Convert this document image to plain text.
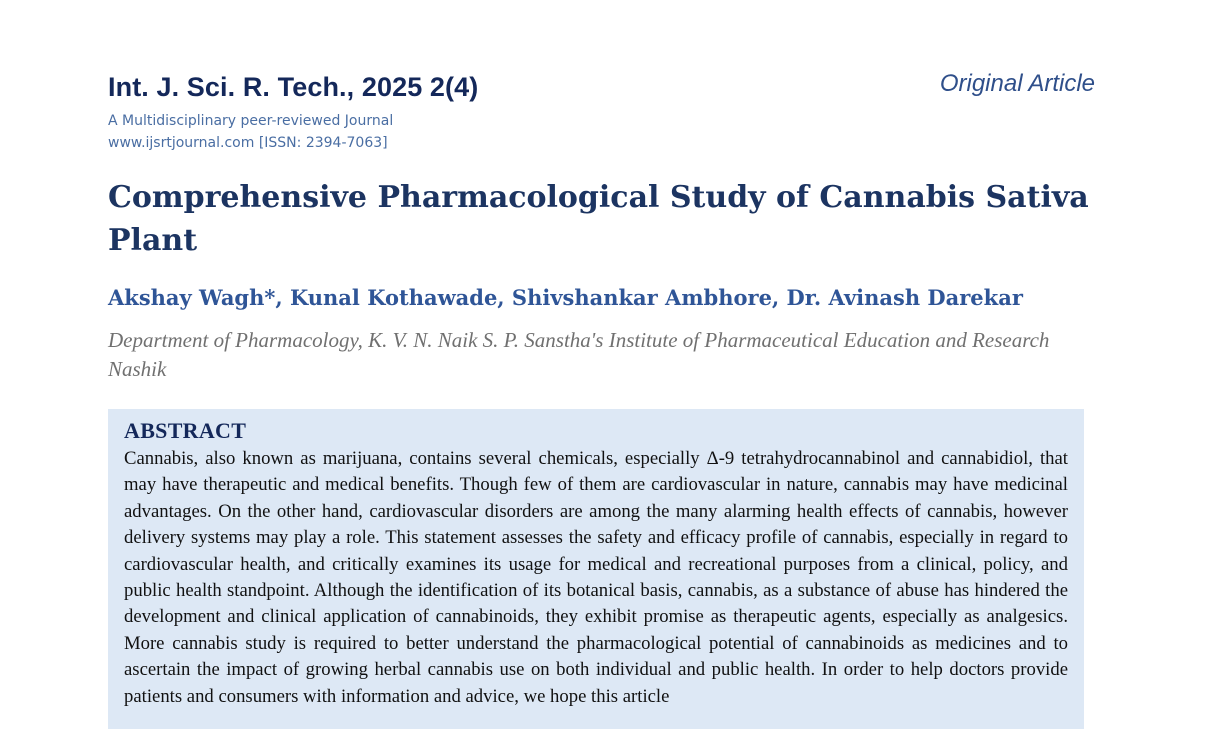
Int. J. Sci. R. Tech., 2025 2(4)
A Multidisciplinary peer-reviewed Journal
www.ijsrtjournal.com [ISSN: 2394-7063]
Original Article
Comprehensive Pharmacological Study of Cannabis Sativa Plant
Akshay Wagh*, Kunal Kothawade, Shivshankar Ambhore, Dr. Avinash Darekar
Department of Pharmacology, K. V. N. Naik S. P. Sanstha's Institute of Pharmaceutical Education and Research Nashik
ABSTRACT
Cannabis, also known as marijuana, contains several chemicals, especially Δ-9 tetrahydrocannabinol and cannabidiol, that may have therapeutic and medical benefits. Though few of them are cardiovascular in nature, cannabis may have medicinal advantages. On the other hand, cardiovascular disorders are among the many alarming health effects of cannabis, however delivery systems may play a role. This statement assesses the safety and efficacy profile of cannabis, especially in regard to cardiovascular health, and critically examines its usage for medical and recreational purposes from a clinical, policy, and public health standpoint. Although the identification of its botanical basis, cannabis, as a substance of abuse has hindered the development and clinical application of cannabinoids, they exhibit promise as therapeutic agents, especially as analgesics. More cannabis study is required to better understand the pharmacological potential of cannabinoids as medicines and to ascertain the impact of growing herbal cannabis use on both individual and public health. In order to help doctors provide patients and consumers with information and advice, we hope this article
